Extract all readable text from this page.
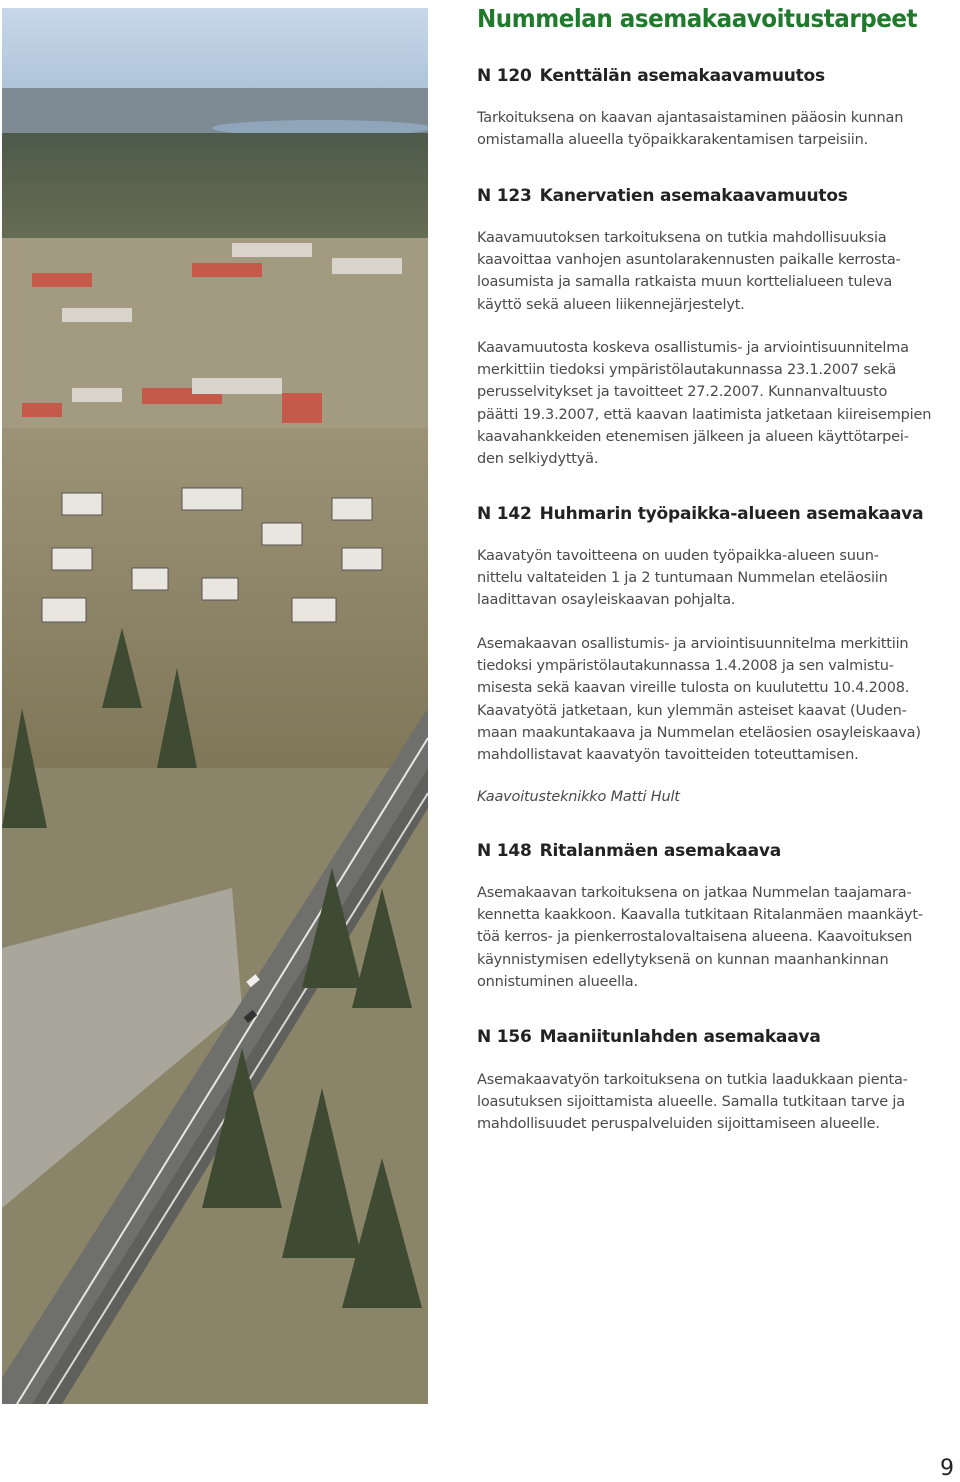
Nummelan asemakaavoitustarpeet
N 120 Kenttälän asemakaavamuutos

Tarkoituksena on kaavan ajantasaistaminen pääosin kunnan
omistamalla alueella työpaikkarakentamisen tarpeisiin.

N 123 Kanervatien asemakaavamuutos

Kaavamuutoksen tarkoituksena on tutkia mahdollisuuksia
kaavoittaa vanhojen asuntolarakennusten paikalle kerrosta-
loasumista ja samalla ratkaista muun korttelialueen tuleva
käyttö sekä alueen liikennejärjestelyt.

Kaavamuutosta koskeva osallistumis- ja arviointisuunnitelma
merkittiin tiedoksi ympäristölautakunnassa 23.1.2007 sekä
perusselvitykset ja tavoitteet 27.2.2007. Kunnanvaltuusto
päätti 19.3.2007, että kaavan laatimista jatketaan kiireisempien
kaavahankkeiden etenemisen jälkeen ja alueen käyttötarpei-
den selkiydyttyä.

N 142 Huhmarin työpaikka-alueen asemakaava

Kaavatyön tavoitteena on uuden työpaikka-alueen suun-
nittelu valtateiden 1 ja 2 tuntumaan Nummelan eteläosiin
laadittavan osayleiskaavan pohjalta.

Asemakaavan osallistumis- ja arviointisuunnitelma merkittiin
tiedoksi ympäristölautakunnassa 1.4.2008 ja sen valmistu-
misesta sekä kaavan vireille tulosta on kuulutettu 10.4.2008.
Kaavatyötä jatketaan, kun ylemmän asteiset kaavat (Uuden-
maan maakuntakaava ja Nummelan eteläosien osayleiskaava)
mahdollistavat kaavatyön tavoitteiden toteuttamisen.

Kaavoitusteknikko Matti Hult

N 148 Ritalanmäen asemakaava

Asemakaavan tarkoituksena on jatkaa Nummelan taajamara-
kennetta kaakkoon. Kaavalla tutkitaan Ritalanmäen maankäyt-
töä kerros- ja pienkerrostalovaltaisena alueena. Kaavoituksen
käynnistymisen edellytyksenä on kunnan maanhankinnan
onnistuminen alueella.

N 156 Maaniitunlahden asemakaava

Asemakaavatyön tarkoituksena on tutkia laadukkaan pienta-
loasutuksen sijoittamista alueelle. Samalla tutkitaan tarve ja
mahdollisuudet peruspalveluiden sijoittamiseen alueelle.

9
